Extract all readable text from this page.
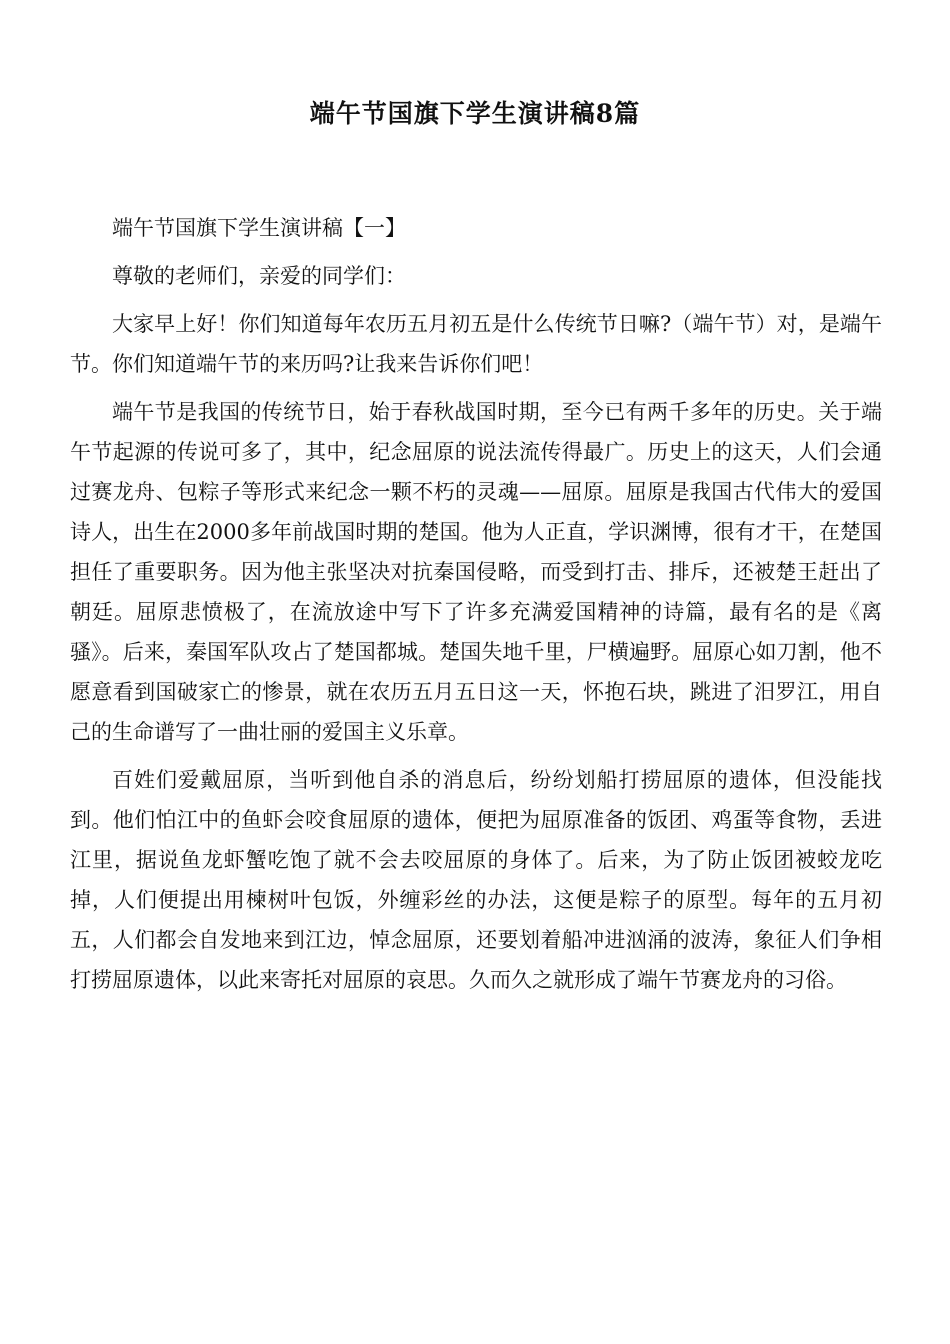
端午节国旗下学生演讲稿8篇

端午节国旗下学生演讲稿【一】

尊敬的老师们，亲爱的同学们：

大家早上好！你们知道每年农历五月初五是什么传统节日嘛?（端午节）对，是端午节。你们知道端午节的来历吗?让我来告诉你们吧！

端午节是我国的传统节日，始于春秋战国时期，至今已有两千多年的历史。关于端午节起源的传说可多了，其中，纪念屈原的说法流传得最广。历史上的这天，人们会通过赛龙舟、包粽子等形式来纪念一颗不朽的灵魂——屈原。屈原是我国古代伟大的爱国诗人，出生在2000多年前战国时期的楚国。他为人正直，学识渊博，很有才干，在楚国担任了重要职务。因为他主张坚决对抗秦国侵略，而受到打击、排斥，还被楚王赶出了朝廷。屈原悲愤极了，在流放途中写下了许多充满爱国精神的诗篇，最有名的是《离骚》。后来，秦国军队攻占了楚国都城。楚国失地千里，尸横遍野。屈原心如刀割，他不愿意看到国破家亡的惨景，就在农历五月五日这一天，怀抱石块，跳进了汨罗江，用自己的生命谱写了一曲壮丽的爱国主义乐章。

百姓们爱戴屈原，当听到他自杀的消息后，纷纷划船打捞屈原的遗体，但没能找到。他们怕江中的鱼虾会咬食屈原的遗体，便把为屈原准备的饭团、鸡蛋等食物，丢进江里，据说鱼龙虾蟹吃饱了就不会去咬屈原的身体了。后来，为了防止饭团被蛟龙吃掉，人们便提出用楝树叶包饭，外缠彩丝的办法，这便是粽子的原型。每年的五月初五，人们都会自发地来到江边，悼念屈原，还要划着船冲进汹涌的波涛，象征人们争相打捞屈原遗体，以此来寄托对屈原的哀思。久而久之就形成了端午节赛龙舟的习俗。
